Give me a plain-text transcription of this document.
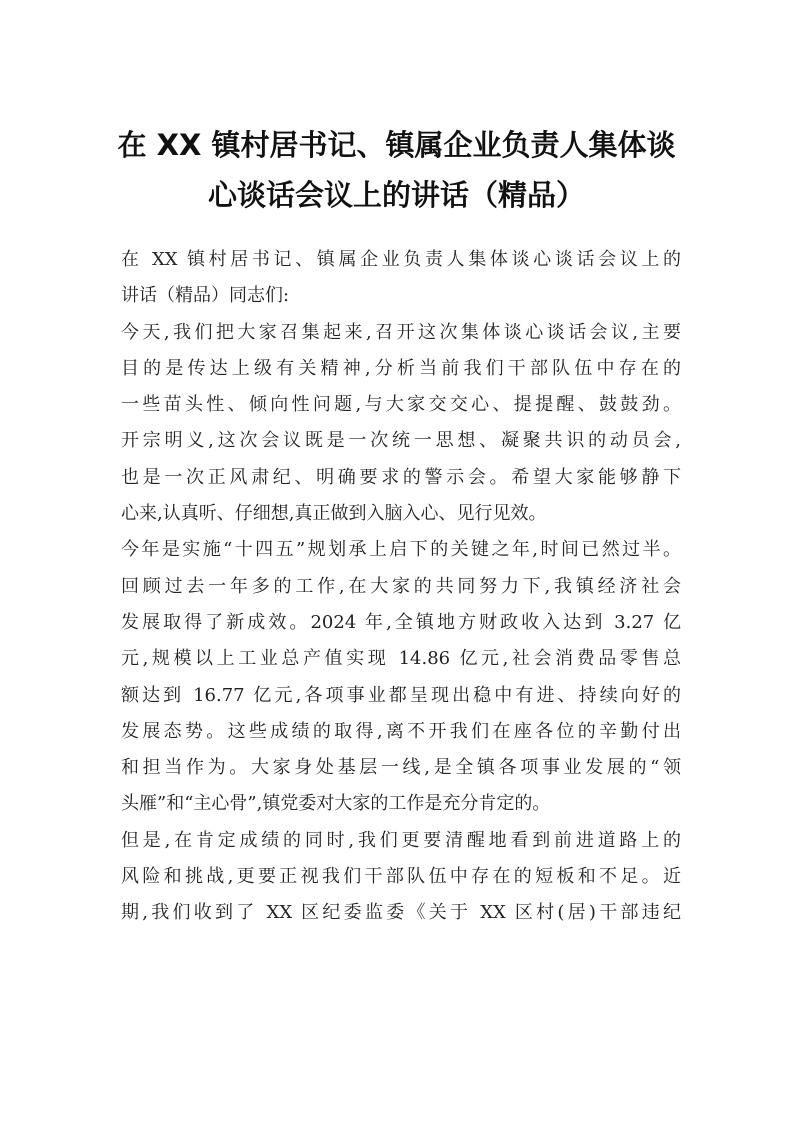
在 XX 镇村居书记、镇属企业负责人集体谈
心谈话会议上的讲话（精品）
在 XX 镇村居书记、镇属企业负责人集体谈心谈话会议上的
讲话（精品）同志们:
今天,我们把大家召集起来,召开这次集体谈心谈话会议,主要
目的是传达上级有关精神,分析当前我们干部队伍中存在的
一些苗头性、倾向性问题,与大家交交心、提提醒、鼓鼓劲。
开宗明义,这次会议既是一次统一思想、凝聚共识的动员会,
也是一次正风肃纪、明确要求的警示会。希望大家能够静下
心来,认真听、仔细想,真正做到入脑入心、见行见效。
今年是实施“十四五”规划承上启下的关键之年,时间已然过半。
回顾过去一年多的工作,在大家的共同努力下,我镇经济社会
发展取得了新成效。2024 年,全镇地方财政收入达到 3.27 亿
元,规模以上工业总产值实现 14.86 亿元,社会消费品零售总
额达到 16.77 亿元,各项事业都呈现出稳中有进、持续向好的
发展态势。这些成绩的取得,离不开我们在座各位的辛勤付出
和担当作为。大家身处基层一线,是全镇各项事业发展的“领
头雁”和“主心骨”,镇党委对大家的工作是充分肯定的。
但是,在肯定成绩的同时,我们更要清醒地看到前进道路上的
风险和挑战,更要正视我们干部队伍中存在的短板和不足。近
期,我们收到了 XX 区纪委监委《关于 XX 区村(居)干部违纪
